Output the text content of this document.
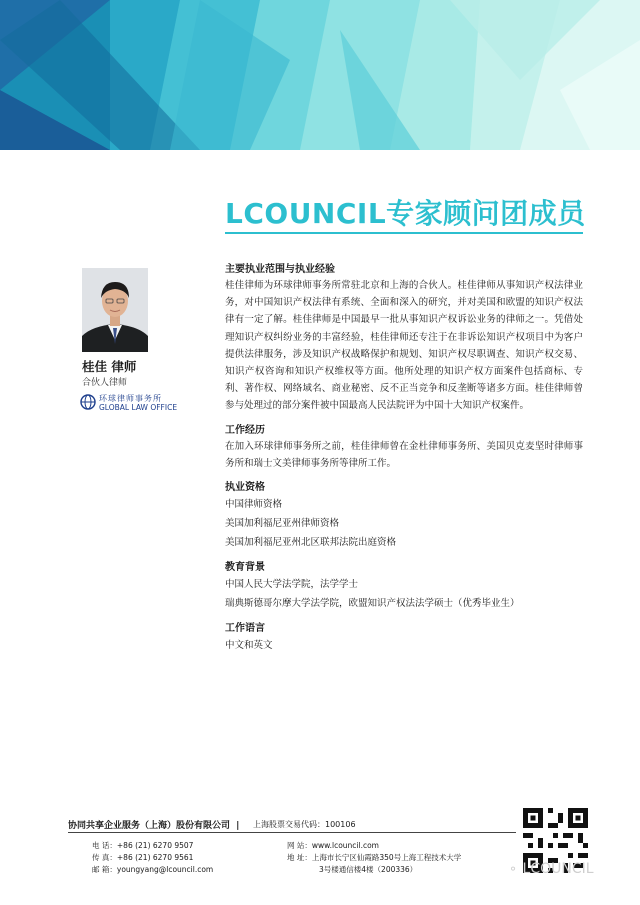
LCOUNCIL专家顾问团成员
桂佳 律师
合伙人律师
环球律师事务所
GLOBAL LAW OFFICE
主要执业范围与执业经验

桂佳律师为环球律师事务所常驻北京和上海的合伙人。桂佳律师从事知识产权法律业务，对中国知识产权法律有系统、全面和深入的研究，并对美国和欧盟的知识产权法律有一定了解。桂佳律师是中国最早一批从事知识产权诉讼业务的律师之一。凭借处理知识产权纠纷业务的丰富经验，桂佳律师还专注于在非诉讼知识产权项目中为客户提供法律服务，涉及知识产权战略保护和规划、知识产权尽职调查、知识产权交易、知识产权咨询和知识产权维权等方面。他所处理的知识产权方面案件包括商标、专利、著作权、网络域名、商业秘密、反不正当竞争和反垄断等诸多方面。桂佳律师曾参与处理过的部分案件被中国最高人民法院评为中国十大知识产权案件。

工作经历

在加入环球律师事务所之前，桂佳律师曾在金杜律师事务所、美国贝克麦坚时律师事务所和瑞士文美律师事务所等律所工作。

执业资格
中国律师资格
美国加利福尼亚州律师资格
美国加利福尼亚州北区联邦法院出庭资格
教育背景
中国人民大学法学院，法学学士
瑞典斯德哥尔摩大学法学院，欧盟知识产权法法学硕士（优秀毕业生）
工作语言
中文和英文
协同共享企业服务（上海）股份有限公司 |	上海股票交易代码：100106
电 话：+86 (21) 6270 9507
传 真：+86 (21) 6270 9561
邮 箱：youngyang@lcouncil.com
网 站：www.lcouncil.com
地 址：上海市长宁区仙霞路350号上海工程技术大学
3号楼通信楼4楼（200336）	⚬ LCOUNCIL
